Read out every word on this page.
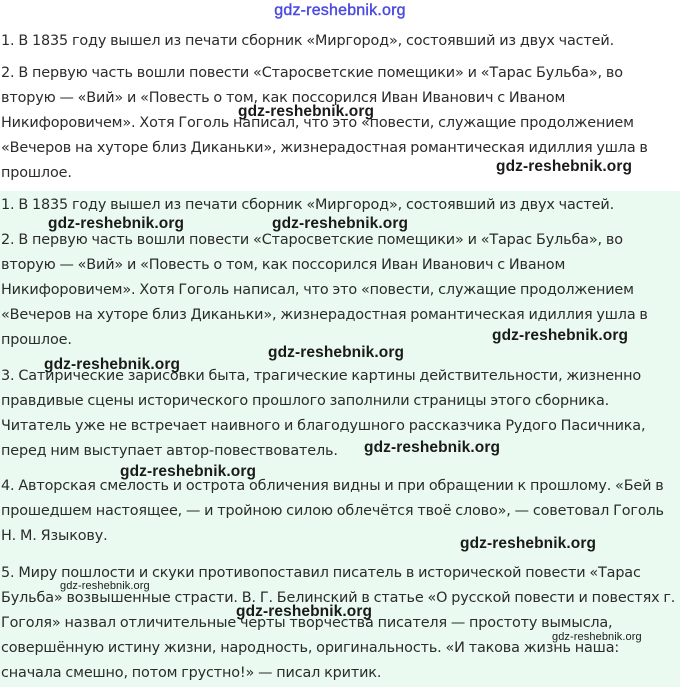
gdz-reshebnik.org
1. В 1835 году вышел из печати сборник «Миргород», состоявший из двух частей.
2. В первую часть вошли повести «Старосветские помещики» и «Тарас Бульба», во
вторую — «Вий» и «Повесть о том, как поссорился Иван Иванович с Иваном
Никифоровичем». Хотя Гоголь написал, что это «повести, служащие продолжением
«Вечеров на хуторе близ Диканьки», жизнерадостная романтическая идиллия ушла в
прошлое.
1. В 1835 году вышел из печати сборник «Миргород», состоявший из двух частей.
2. В первую часть вошли повести «Старосветские помещики» и «Тарас Бульба», во
вторую — «Вий» и «Повесть о том, как поссорился Иван Иванович с Иваном
Никифоровичем». Хотя Гоголь написал, что это «повести, служащие продолжением
«Вечеров на хуторе близ Диканьки», жизнерадостная романтическая идиллия ушла в
прошлое.
3. Сатирические зарисовки быта, трагические картины действительности, жизненно
правдивые сцены исторического прошлого заполнили страницы этого сборника.
Читатель уже не встречает наивного и благодушного рассказчика Рудого Пасичника,
перед ним выступает автор-повествователь.
4. Авторская смелость и острота обличения видны и при обращении к прошлому. «Бей в
прошедшем настоящее, — и тройною силою облечётся твоё слово», — советовал Гоголь
Н. М. Языкову.
5. Миру пошлости и скуки противопоставил писатель в исторической повести «Тарас
Бульба» возвышенные страсти. В. Г. Белинский в статье «О русской повести и повестях г.
Гоголя» назвал отличительные черты творчества писателя — простоту вымысла,
совершённую истину жизни, народность, оригинальность. «И такова жизнь наша:
сначала смешно, потом грустно!» — писал критик.
gdz-reshebnik.org
gdz-reshebnik.org
gdz-reshebnik.org	gdz-reshebnik.org
gdz-reshebnik.org
gdz-reshebnik.org
gdz-reshebnik.org
gdz-reshebnik.org
gdz-reshebnik.org
gdz-reshebnik.org
gdz-reshebnik.org
gdz-reshebnik.org
gdz-reshebnik.org
